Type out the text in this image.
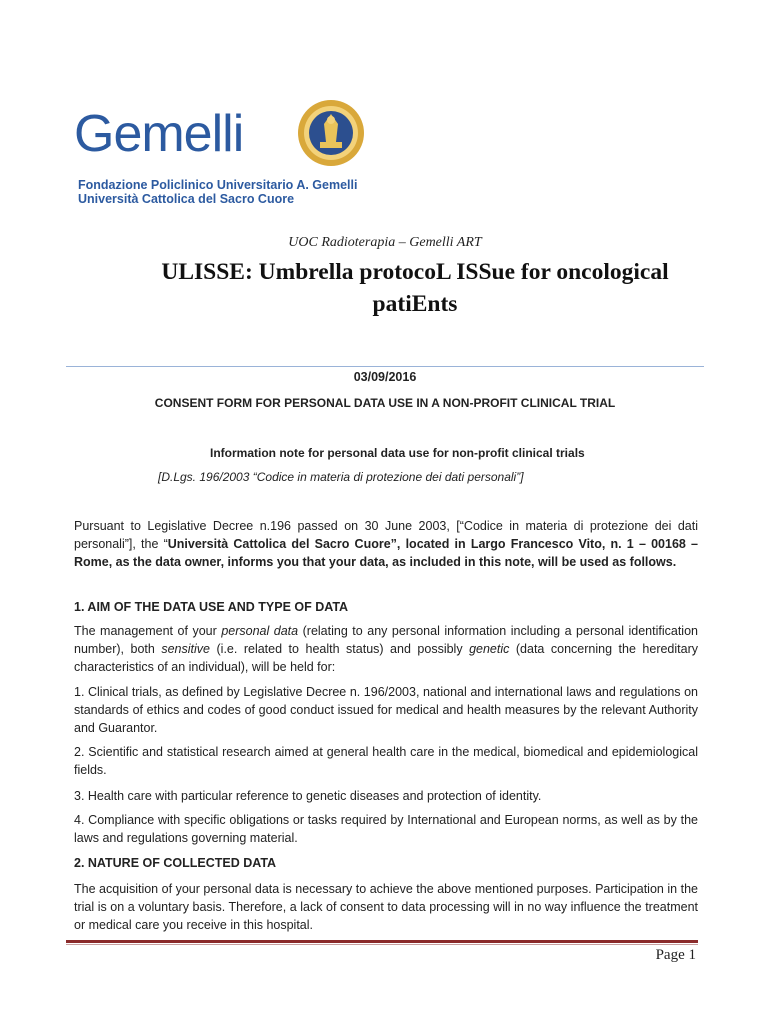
Gemelli
Fondazione Policlinico Universitario A. Gemelli
Università Cattolica del Sacro Cuore
UOC Radioterapia – Gemelli ART
ULISSE: Umbrella protocoL ISSue for oncological
patiEnts
03/09/2016
CONSENT FORM FOR PERSONAL DATA USE IN A NON-PROFIT CLINICAL TRIAL
Information note for personal data use for non-profit clinical trials
[D.Lgs. 196/2003 “Codice in materia di protezione dei dati personali”]
Pursuant to Legislative Decree n.196 passed on 30 June 2003, [“Codice in materia di protezione dei dati personali”], the “Università Cattolica del Sacro Cuore”, located in Largo Francesco Vito, n. 1 – 00168 – Rome, as the data owner, informs you that your data, as included in this note, will be used as follows.
1. AIM OF THE DATA USE AND TYPE OF DATA
The management of your personal data (relating to any personal information including a personal identification number), both sensitive (i.e. related to health status) and possibly genetic (data concerning the hereditary characteristics of an individual), will be held for:
1. Clinical trials, as defined by Legislative Decree n. 196/2003, national and international laws and regulations on standards of ethics and codes of good conduct issued for medical and health measures by the relevant Authority and Guarantor.
2. Scientific and statistical research aimed at general health care in the medical, biomedical and epidemiological fields.
3. Health care with particular reference to genetic diseases and protection of identity.
4. Compliance with specific obligations or tasks required by International and European norms, as well as by the laws and regulations governing material.
2. NATURE OF COLLECTED DATA
The acquisition of your personal data is necessary to achieve the above mentioned purposes. Participation in the trial is on a voluntary basis. Therefore, a lack of consent to data processing will in no way influence the treatment or medical care you receive in this hospital.
Page 1
